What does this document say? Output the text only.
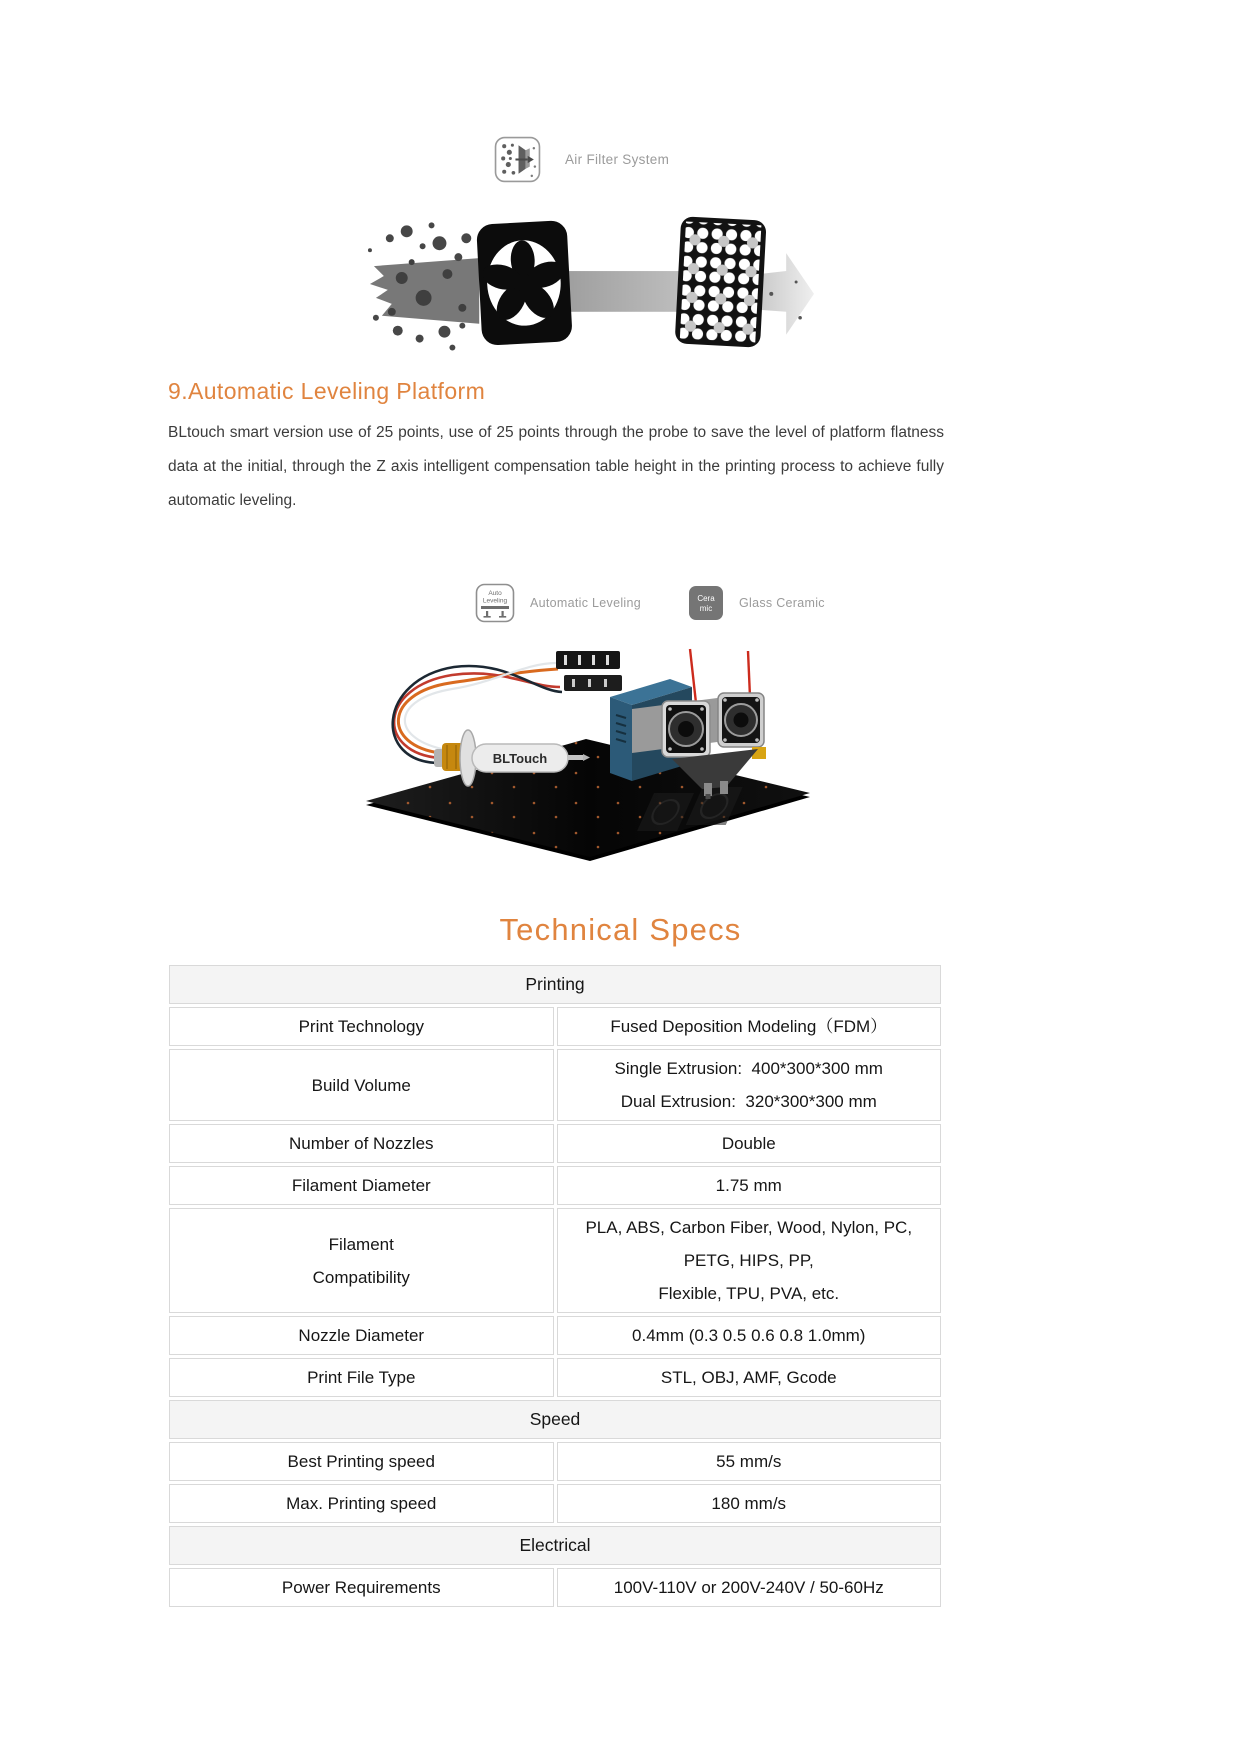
Air Filter System
9.Automatic Leveling Platform
BLtouch smart version use of 25 points, use of 25 points through the probe to save the level of platform flatness data at the initial, through the Z axis intelligent compensation table height in the printing process to achieve fully automatic leveling.
Auto
Leveling Automatic Leveling	Cera
mic Glass Ceramic
BLTouch
Technical Specs
Printing	

Print Technology	Fused Deposition Modeling（FDM）

Build Volume	Single Extrusion:  400*300*300 mm
Dual Extrusion:  320*300*300 mm

Number of Nozzles	Double

Filament Diameter	1.75 mm

Filament
Compatibility

PLA, ABS, Carbon Fiber, Wood, Nylon, PC, PETG, HIPS, PP,
Flexible, TPU, PVA, etc.

Nozzle Diameter	0.4mm (0.3 0.5 0.6 0.8 1.0mm)

Print File Type	STL, OBJ, AMF, Gcode

Speed	

Best Printing speed	55 mm/s

Max. Printing speed	180 mm/s

Electrical	

Power Requirements	100V-110V or 200V-240V / 50-60Hz
